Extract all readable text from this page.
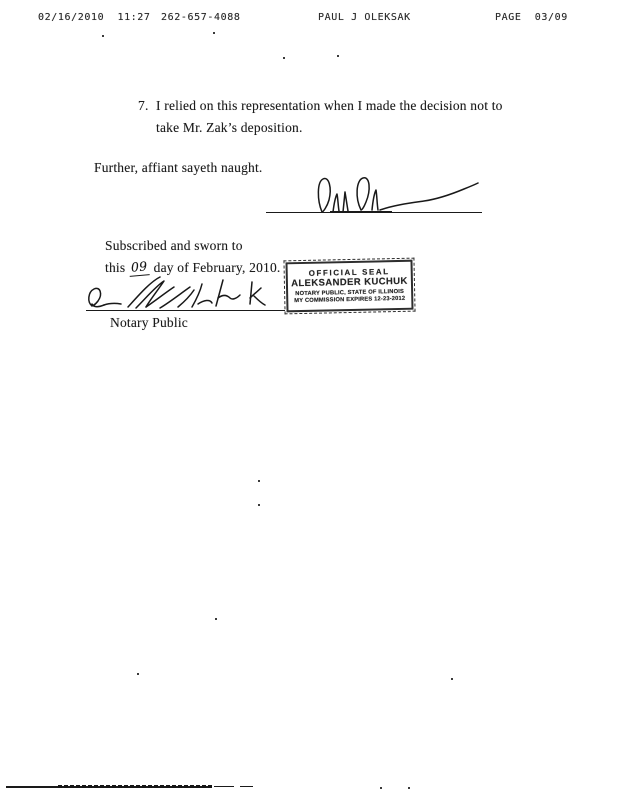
02/16/2010  11:27 262-657-4088	PAUL J OLEKSAK	PAGE  03/09
7. I relied on this representation when I made the decision not to
take Mr. Zak’s deposition.
Further, affiant sayeth naught.
Subscribed and sworn to
this 09 day of February, 2010.
Notary Public
OFFICIAL SEAL
ALEKSANDER KUCHUK
NOTARY PUBLIC, STATE OF ILLINOIS
MY COMMISSION EXPIRES 12-23-2012
